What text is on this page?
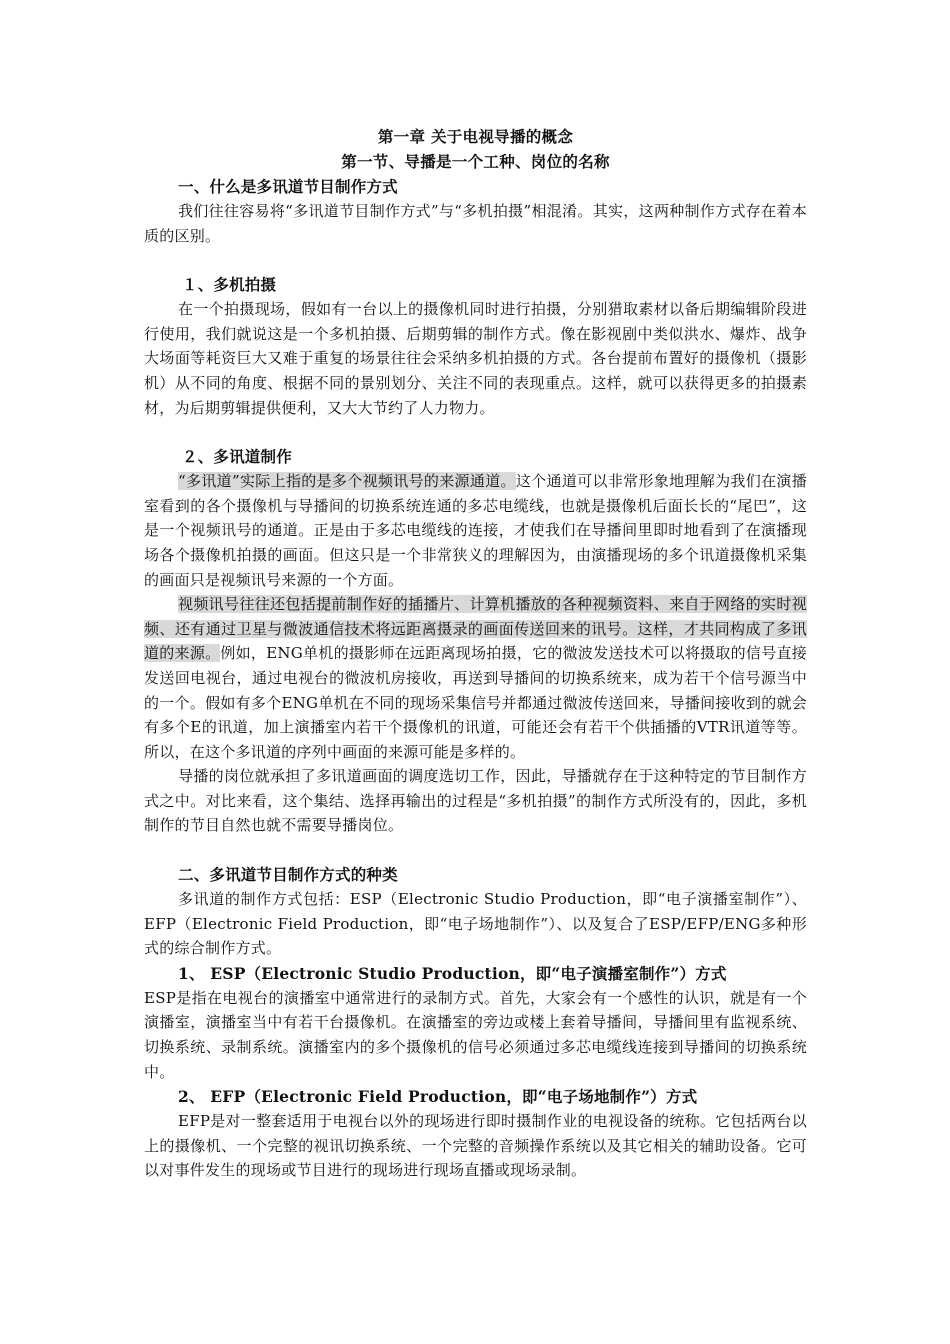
第一章 关于电视导播的概念
第一节、导播是一个工种、岗位的名称
一、什么是多讯道节目制作方式
我们往往容易将“多讯道节目制作方式”与“多机拍摄”相混淆。其实，这两种制作方式存在着本质的区别。
１、多机拍摄
在一个拍摄现场，假如有一台以上的摄像机同时进行拍摄，分别猎取素材以备后期编辑阶段进行使用，我们就说这是一个多机拍摄、后期剪辑的制作方式。像在影视剧中类似洪水、爆炸、战争大场面等耗资巨大又难于重复的场景往往会采纳多机拍摄的方式。各台提前布置好的摄像机（摄影机）从不同的角度、根据不同的景别划分、关注不同的表现重点。这样，就可以获得更多的拍摄素材，为后期剪辑提供便利，又大大节约了人力物力。
２、多讯道制作
“多讯道”实际上指的是多个视频讯号的来源通道。这个通道可以非常形象地理解为我们在演播室看到的各个摄像机与导播间的切换系统连通的多芯电缆线，也就是摄像机后面长长的“尾巴”，这是一个视频讯号的通道。正是由于多芯电缆线的连接，才使我们在导播间里即时地看到了在演播现场各个摄像机拍摄的画面。但这只是一个非常狭义的理解因为，由演播现场的多个讯道摄像机采集的画面只是视频讯号来源的一个方面。
视频讯号往往还包括提前制作好的插播片、计算机播放的各种视频资料、来自于网络的实时视频、还有通过卫星与微波通信技术将远距离摄录的画面传送回来的讯号。这样，才共同构成了多讯道的来源。例如，ENG单机的摄影师在远距离现场拍摄，它的微波发送技术可以将摄取的信号直接发送回电视台，通过电视台的微波机房接收，再送到导播间的切换系统来，成为若干个信号源当中的一个。假如有多个ENG单机在不同的现场采集信号并都通过微波传送回来，导播间接收到的就会有多个E的讯道，加上演播室内若干个摄像机的讯道，可能还会有若干个供插播的VTR讯道等等。所以，在这个多讯道的序列中画面的来源可能是多样的。
导播的岗位就承担了多讯道画面的调度选切工作，因此，导播就存在于这种特定的节目制作方式之中。对比来看，这个集结、选择再输出的过程是“多机拍摄”的制作方式所没有的，因此，多机制作的节目自然也就不需要导播岗位。
二、多讯道节目制作方式的种类
多讯道的制作方式包括：ESP（Electronic Studio Production，即“电子演播室制作”）、EFP（Electronic Field Production，即“电子场地制作”）、以及复合了ESP/EFP/ENG多种形式的综合制作方式。
1、 ESP（Electronic Studio Production，即“电子演播室制作”）方式
ESP是指在电视台的演播室中通常进行的录制方式。首先，大家会有一个感性的认识，就是有一个演播室，演播室当中有若干台摄像机。在演播室的旁边或楼上套着导播间，导播间里有监视系统、切换系统、录制系统。演播室内的多个摄像机的信号必须通过多芯电缆线连接到导播间的切换系统中。
2、 EFP（Electronic Field Production，即“电子场地制作”）方式
EFP是对一整套适用于电视台以外的现场进行即时摄制作业的电视设备的统称。它包括两台以上的摄像机、一个完整的视讯切换系统、一个完整的音频操作系统以及其它相关的辅助设备。它可以对事件发生的现场或节目进行的现场进行现场直播或现场录制。
